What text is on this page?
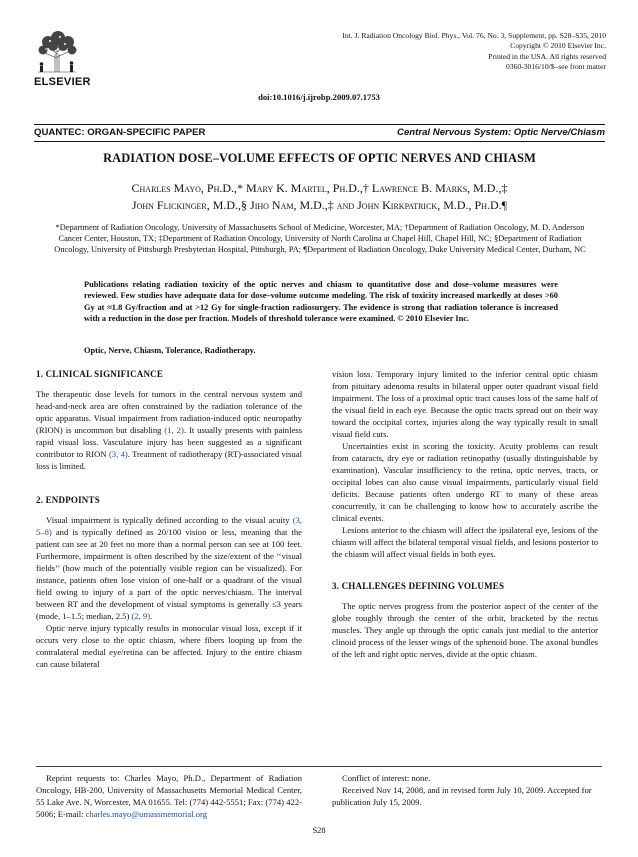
ELSEVIER
Int. J. Radiation Oncology Biol. Phys., Vol. 76, No. 3, Supplement, pp. S28–S35, 2010
Copyright © 2010 Elsevier Inc.
Printed in the USA. All rights reserved
0360-3016/10/$–see front matter
doi:10.1016/j.ijrobp.2009.07.1753
QUANTEC: ORGAN-SPECIFIC PAPER	Central Nervous System: Optic Nerve/Chiasm
RADIATION DOSE–VOLUME EFFECTS OF OPTIC NERVES AND CHIASM
Charles Mayo, Ph.D.,* Mary K. Martel, Ph.D.,† Lawrence B. Marks, M.D.,‡
John Flickinger, M.D.,§ Jiho Nam, M.D.,‡ and John Kirkpatrick, M.D., Ph.D.¶
*Department of Radiation Oncology, University of Massachusetts School of Medicine, Worcester, MA; †Department of Radiation Oncology, M. D. Anderson Cancer Center, Houston, TX; ‡Department of Radiation Oncology, University of North Carolina at Chapel Hill, Chapel Hill, NC; §Department of Radiation Oncology, University of Pittsburgh Presbyterian Hospital, Pittsburgh, PA; ¶Department of Radiation Oncology, Duke University Medical Center, Durham, NC
Publications relating radiation toxicity of the optic nerves and chiasm to quantitative dose and dose–volume measures were reviewed. Few studies have adequate data for dose–volume outcome modeling. The risk of toxicity increased markedly at doses >60 Gy at ≈1.8 Gy/fraction and at >12 Gy for single-fraction radiosurgery. The evidence is strong that radiation tolerance is increased with a reduction in the dose per fraction. Models of threshold tolerance were examined. © 2010 Elsevier Inc.
Optic, Nerve, Chiasm, Tolerance, Radiotherapy.
1. CLINICAL SIGNIFICANCE

The therapeutic dose levels for tumors in the central nervous system and head-and-neck area are often constrained by the radiation tolerance of the optic apparatus. Visual impairment from radiation-induced optic neuropathy (RION) is uncommon but disabling (1, 2). It usually presents with painless rapid visual loss. Vasculature injury has been suggested as a significant contributor to RION (3, 4). Treatment of radiotherapy (RT)-associated visual loss is limited.

2. ENDPOINTS

Visual impairment is typically defined according to the visual acuity (3, 5–8) and is typically defined as 20/100 vision or less, meaning that the patient can see at 20 feet no more than a normal person can see at 100 feet. Furthermore, impairment is often described by the size/extent of the ‘‘visual fields’’ (how much of the potentially visible region can be visualized). For instance, patients often lose vision of one-half or a quadrant of the visual field owing to injury of a part of the optic nerves/chiasm. The interval between RT and the development of visual symptoms is generally ≤3 years (mode, 1–1.5; median, 2.5) (2, 9).

Optic nerve injury typically results in monocular visual loss, except if it occurs very close to the optic chiasm, where fibers looping up from the contralateral medial eye/retina can be affected. Injury to the entire chiasm can cause bilateral

vision loss. Temporary injury limited to the inferior central optic chiasm from pituitary adenoma results in bilateral upper outer quadrant visual field impairment. The loss of a proximal optic tract causes loss of the same half of the visual field in each eye. Because the optic tracts spread out on their way toward the occipital cortex, injuries along the way typically result in small visual field cuts.

Uncertainties exist in scoring the toxicity. Acuity problems can result from cataracts, dry eye or radiation retinopathy (usually distinguishable by examination). Vascular insufficiency to the retina, optic nerves, tracts, or occipital lobes can also cause visual impairments, particularly visual field deficits. Because patients often undergo RT to many of these areas concurrently, it can be challenging to know how to accurately ascribe the clinical events.

Lesions anterior to the chiasm will affect the ipsilateral eye, lesions of the chiasm will affect the bilateral temporal visual fields, and lesions posterior to the chiasm will affect visual fields in both eyes.

3. CHALLENGES DEFINING VOLUMES

The optic nerves progress from the posterior aspect of the center of the globe roughly through the center of the orbit, bracketed by the rectus muscles. They angle up through the optic canals just medial to the anterior clinoid process of the lesser wings of the sphenoid bone. The axonal bundles of the left and right optic nerves, divide at the optic chiasm.

Reprint requests to: Charles Mayo, Ph.D., Department of Radiation Oncology, HB-200, University of Massachusetts Memorial Medical Center, 55 Lake Ave. N, Worcester, MA 01655. Tel: (774) 442-5551; Fax: (774) 422-5006; E-mail: charles.mayo@umassmemorial.org

Conflict of interest: none.

Received Nov 14, 2008, and in revised form July 10, 2009. Accepted for publication July 15, 2009.

S28
